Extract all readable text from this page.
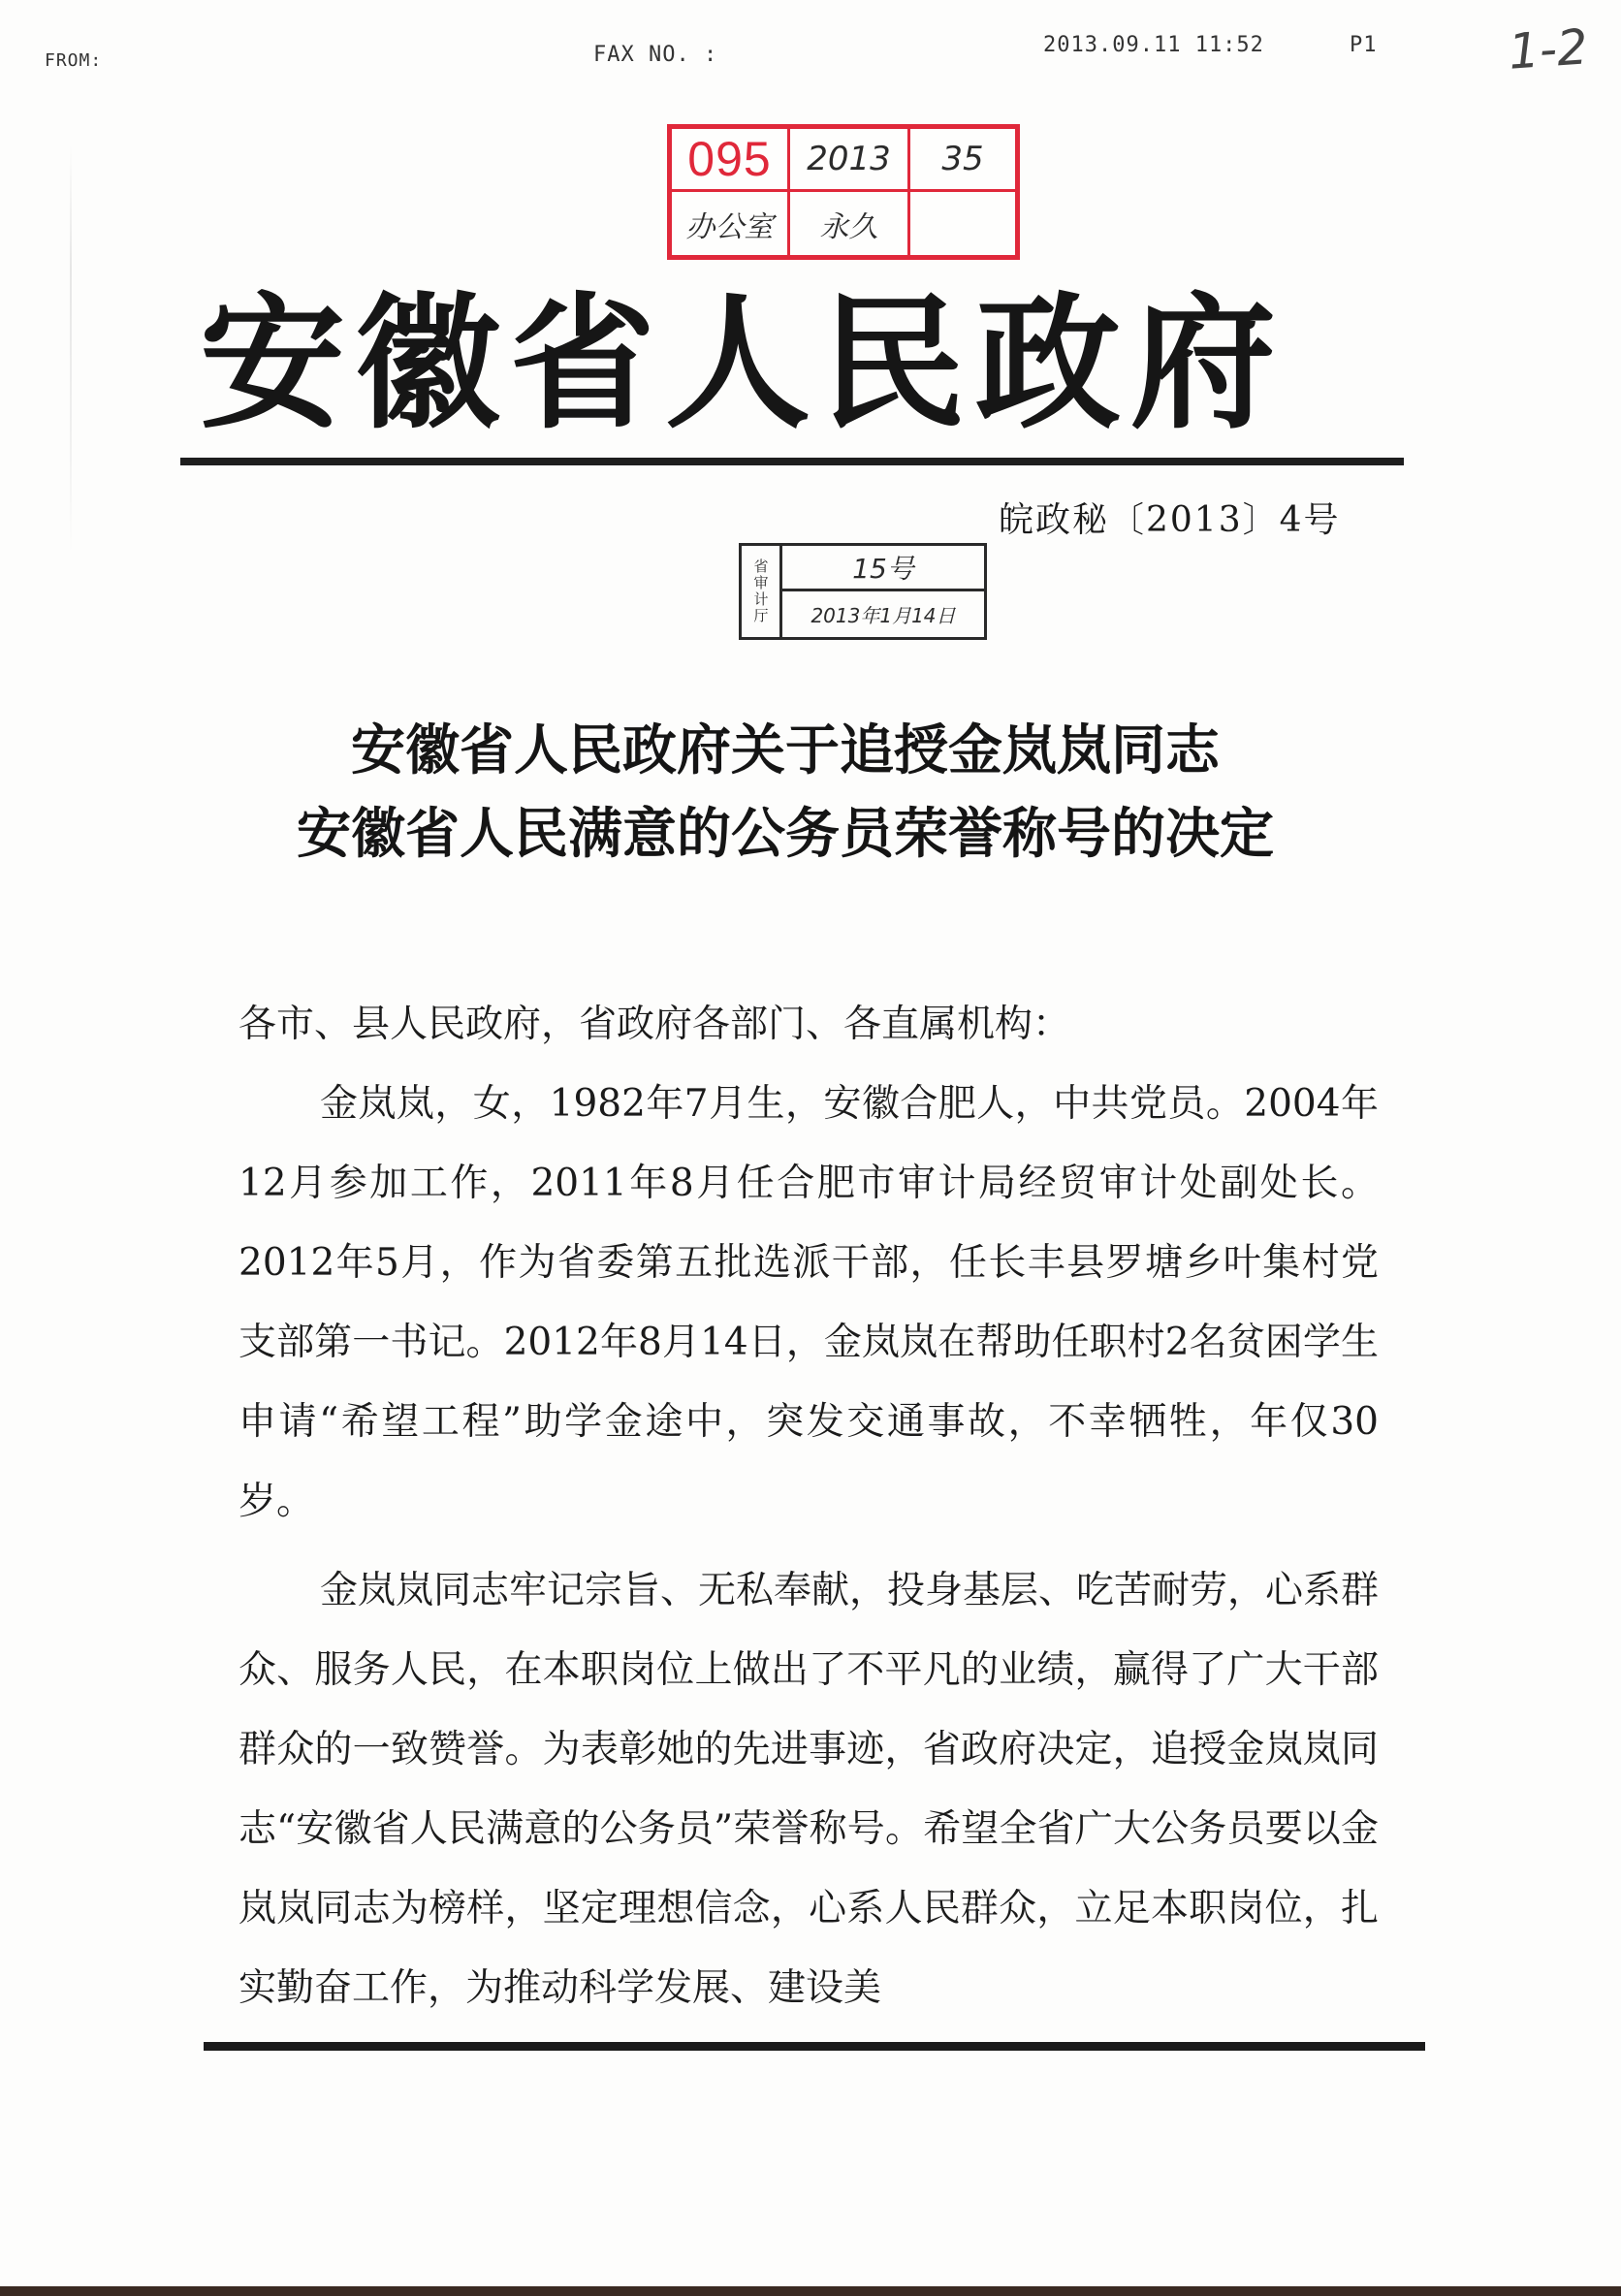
FROM:	FAX NO. :	2013.09.11 11:52	P1	1-2
095 2013 35
办公室 永久
安徽省人民政府
皖政秘〔2013〕4号
省审计厅	15号
2013年1月14日
安徽省人民政府关于追授金岚岚同志
安徽省人民满意的公务员荣誉称号的决定

各市、县人民政府，省政府各部门、各直属机构：

金岚岚，女，1982年7月生，安徽合肥人，中共党员。2004年12月参加工作，2011年8月任合肥市审计局经贸审计处副处长。2012年5月，作为省委第五批选派干部，任长丰县罗塘乡叶集村党支部第一书记。2012年8月14日，金岚岚在帮助任职村2名贫困学生申请“希望工程”助学金途中，突发交通事故，不幸牺牲，年仅30岁。

金岚岚同志牢记宗旨、无私奉献，投身基层、吃苦耐劳，心系群众、服务人民，在本职岗位上做出了不平凡的业绩，赢得了广大干部群众的一致赞誉。为表彰她的先进事迹，省政府决定，追授金岚岚同志“安徽省人民满意的公务员”荣誉称号。希望全省广大公务员要以金岚岚同志为榜样，坚定理想信念，心系人民群众，立足本职岗位，扎实勤奋工作，为推动科学发展、建设美
